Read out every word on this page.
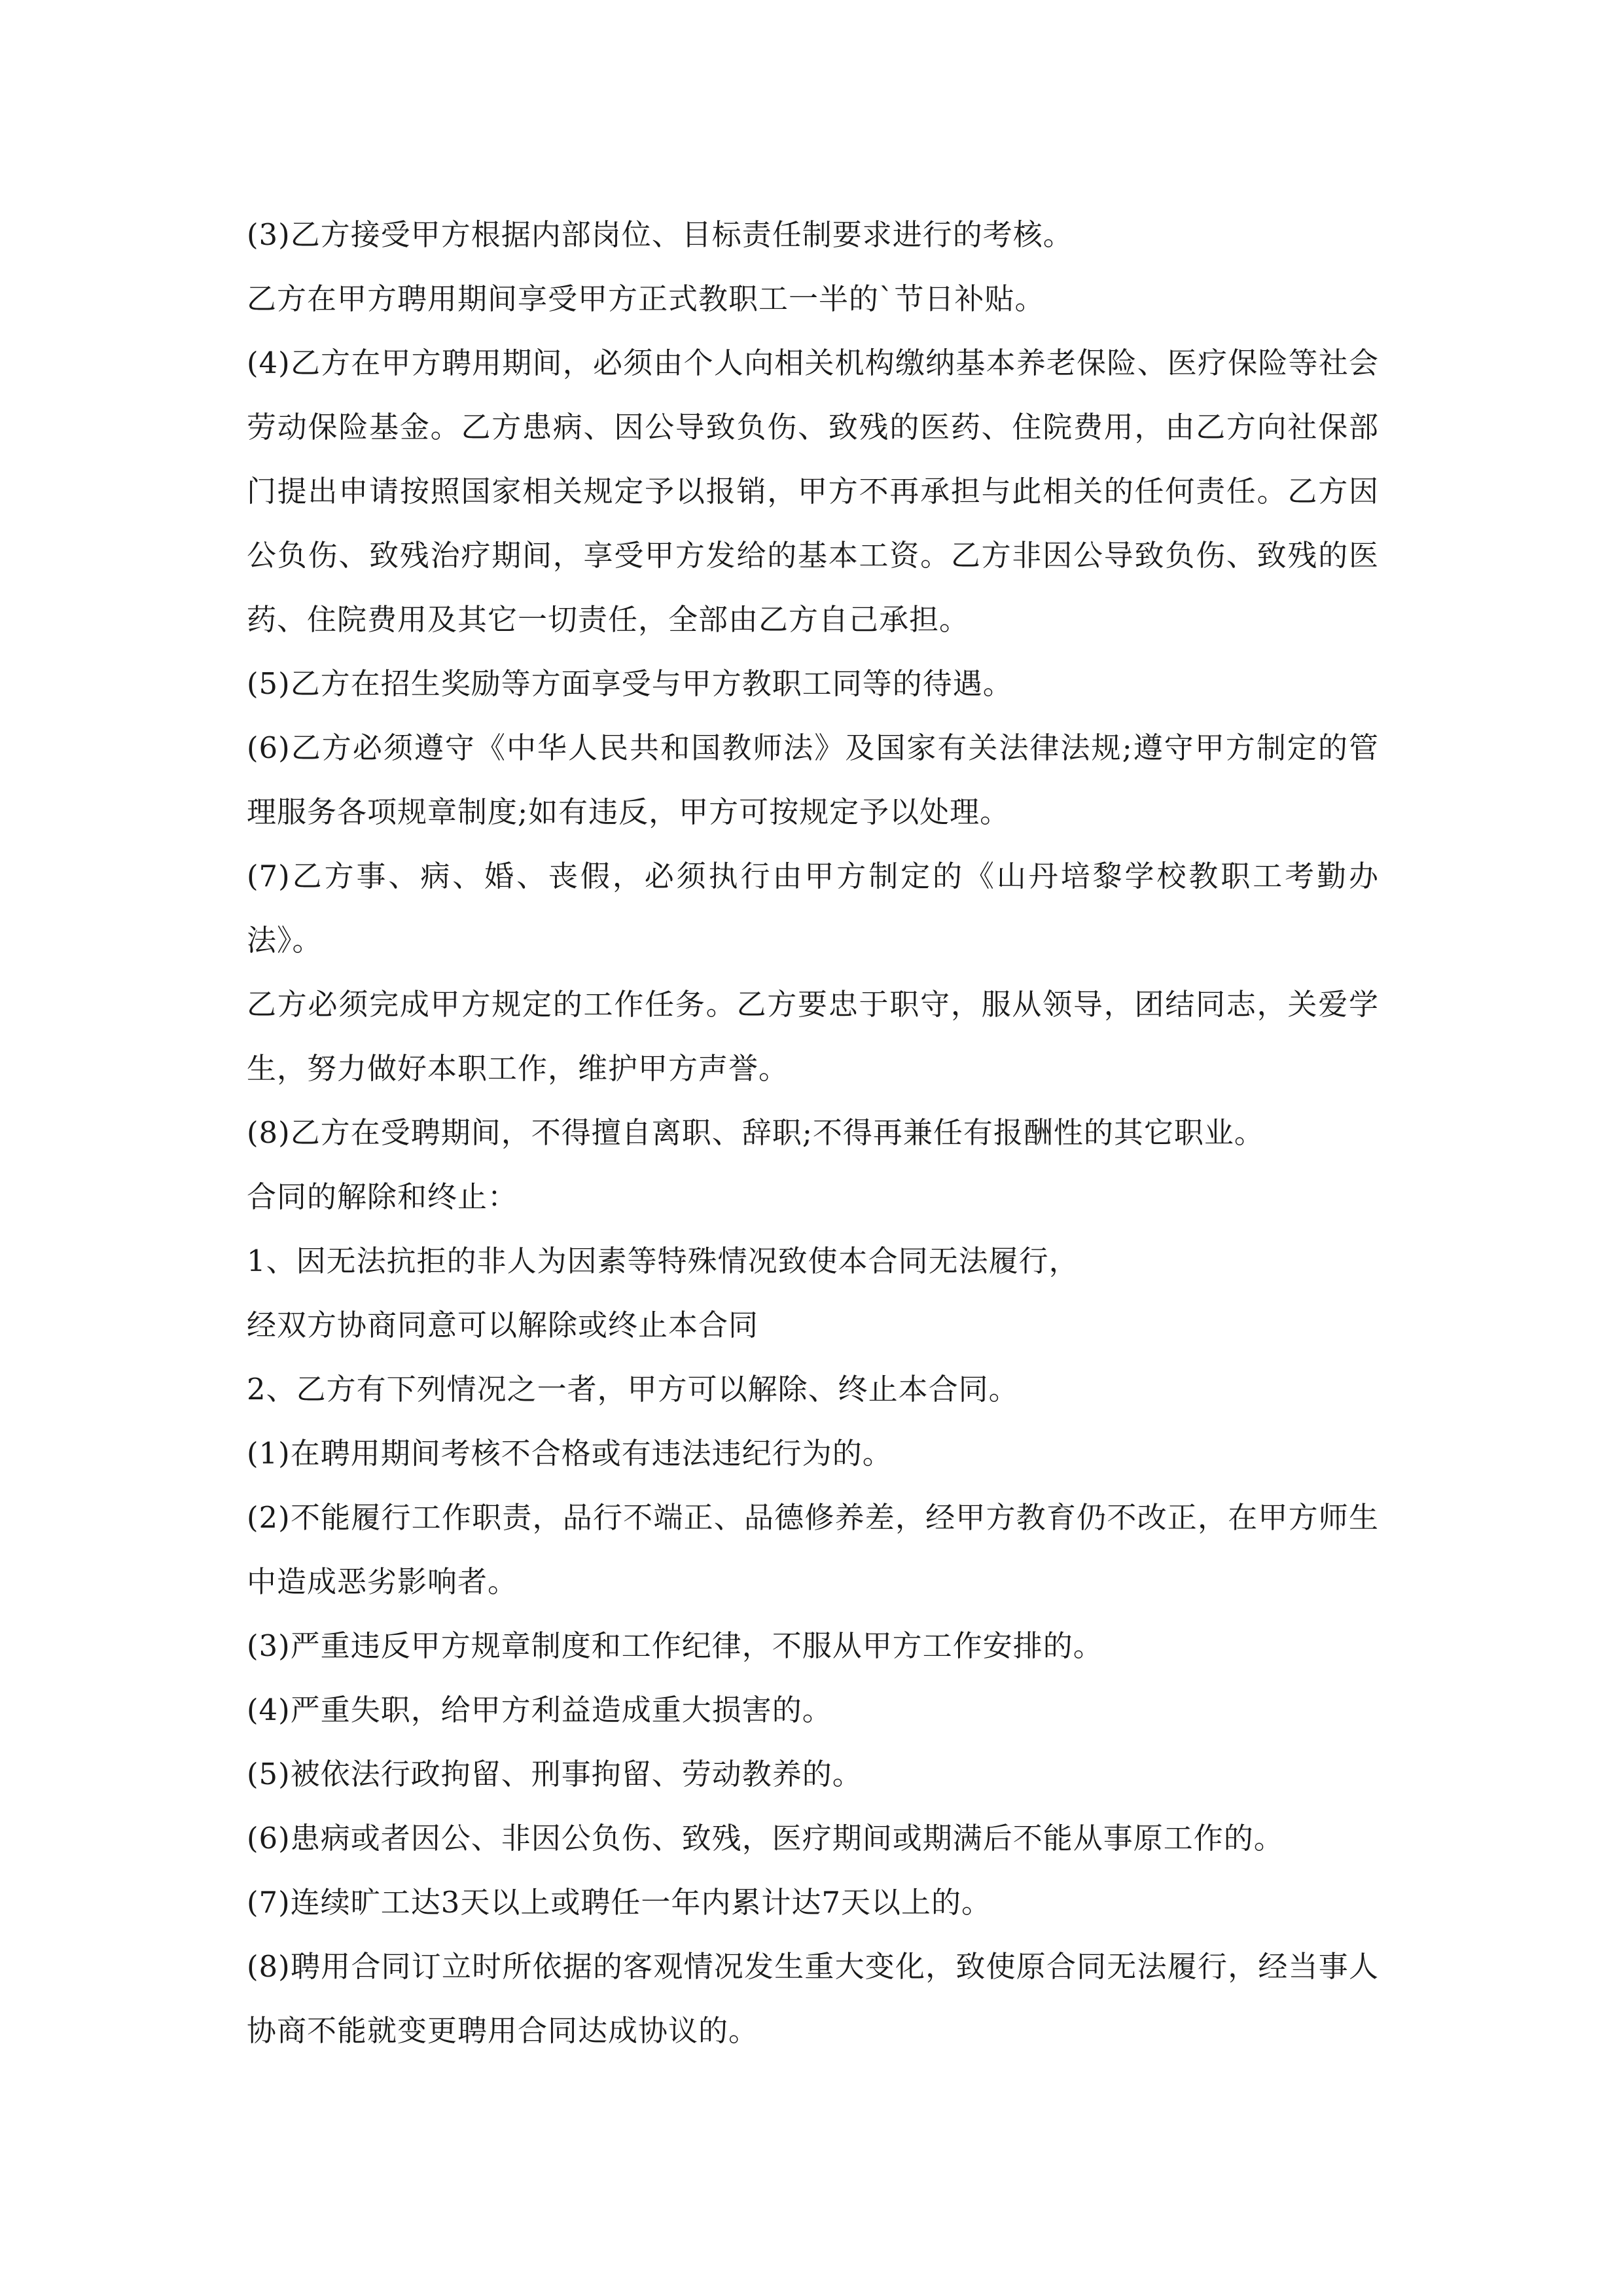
(3)乙方接受甲方根据内部岗位、目标责任制要求进行的考核。

乙方在甲方聘用期间享受甲方正式教职工一半的`节日补贴。

(4)乙方在甲方聘用期间，必须由个人向相关机构缴纳基本养老保险、医疗保险等社会劳动保险基金。乙方患病、因公导致负伤、致残的医药、住院费用，由乙方向社保部门提出申请按照国家相关规定予以报销，甲方不再承担与此相关的任何责任。乙方因公负伤、致残治疗期间，享受甲方发给的基本工资。乙方非因公导致负伤、致残的医药、住院费用及其它一切责任，全部由乙方自己承担。

(5)乙方在招生奖励等方面享受与甲方教职工同等的待遇。

(6)乙方必须遵守《中华人民共和国教师法》及国家有关法律法规;遵守甲方制定的管理服务各项规章制度;如有违反，甲方可按规定予以处理。

(7)乙方事、病、婚、丧假，必须执行由甲方制定的《山丹培黎学校教职工考勤办法》。

乙方必须完成甲方规定的工作任务。乙方要忠于职守，服从领导，团结同志，关爱学生，努力做好本职工作，维护甲方声誉。

(8)乙方在受聘期间，不得擅自离职、辞职;不得再兼任有报酬性的其它职业。

合同的解除和终止：

1、因无法抗拒的非人为因素等特殊情况致使本合同无法履行，

经双方协商同意可以解除或终止本合同

2、乙方有下列情况之一者，甲方可以解除、终止本合同。

(1)在聘用期间考核不合格或有违法违纪行为的。

(2)不能履行工作职责，品行不端正、品德修养差，经甲方教育仍不改正，在甲方师生中造成恶劣影响者。

(3)严重违反甲方规章制度和工作纪律，不服从甲方工作安排的。

(4)严重失职，给甲方利益造成重大损害的。

(5)被依法行政拘留、刑事拘留、劳动教养的。

(6)患病或者因公、非因公负伤、致残，医疗期间或期满后不能从事原工作的。

(7)连续旷工达3天以上或聘任一年内累计达7天以上的。

(8)聘用合同订立时所依据的客观情况发生重大变化，致使原合同无法履行，经当事人协商不能就变更聘用合同达成协议的。
